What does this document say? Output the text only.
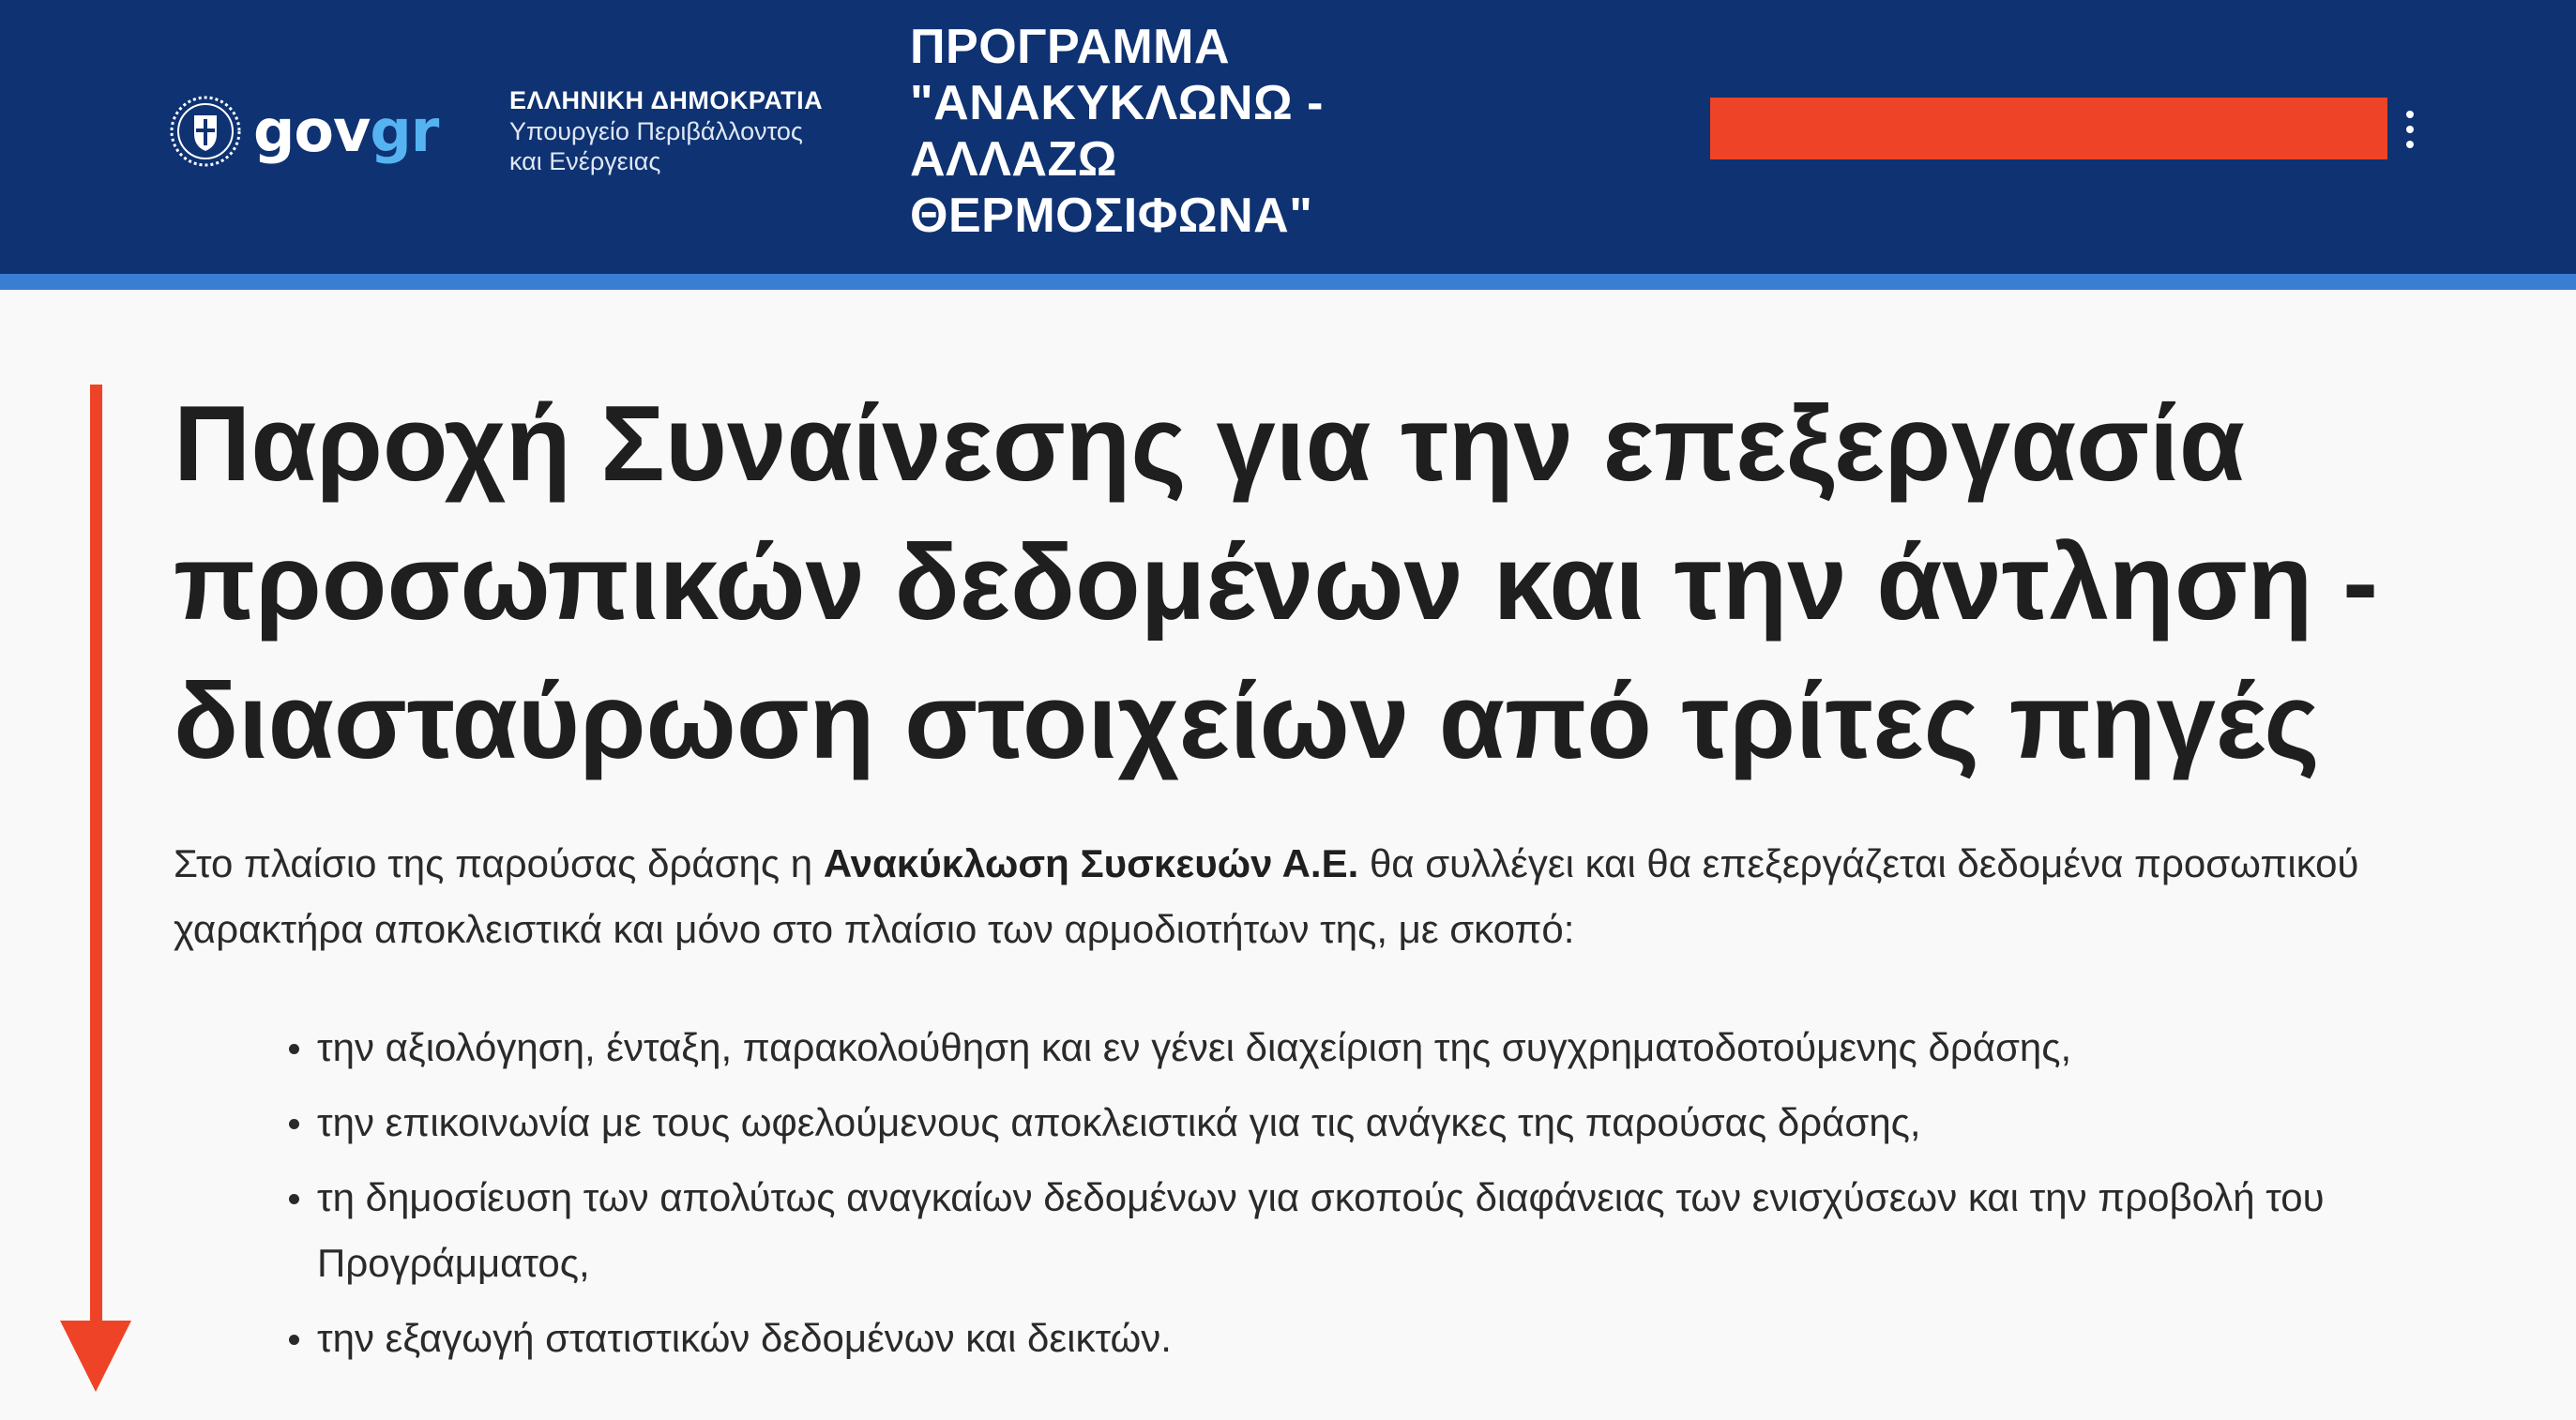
govgr	ΕΛΛΗΝΙΚΗ ΔΗΜΟΚΡΑΤΙΑ
Υπουργείο Περιβάλλοντος
και Ενέργειας
ΠΡΟΓΡΑΜΜΑ "ΑΝΑΚΥΚΛΩΝΩ - ΑΛΛΑΖΩ ΘΕΡΜΟΣΙΦΩΝΑ"
Παροχή Συναίνεσης για την επεξεργασία προσωπικών δεδομένων και την άντληση - διασταύρωση στοιχείων από τρίτες πηγές

Στο πλαίσιο της παρούσας δράσης η Ανακύκλωση Συσκευών Α.Ε. θα συλλέγει και θα επεξεργάζεται δεδομένα προσωπικού χαρακτήρα αποκλειστικά και μόνο στο πλαίσιο των αρμοδιοτήτων της, με σκοπό:

την αξιολόγηση, ένταξη, παρακολούθηση και εν γένει διαχείριση της συγχρηματοδοτούμενης δράσης,
την επικοινωνία με τους ωφελούμενους αποκλειστικά για τις ανάγκες της παρούσας δράσης,
τη δημοσίευση των απολύτως αναγκαίων δεδομένων για σκοπούς διαφάνειας των ενισχύσεων και την προβολή του Προγράμματος,
την εξαγωγή στατιστικών δεδομένων και δεικτών.
